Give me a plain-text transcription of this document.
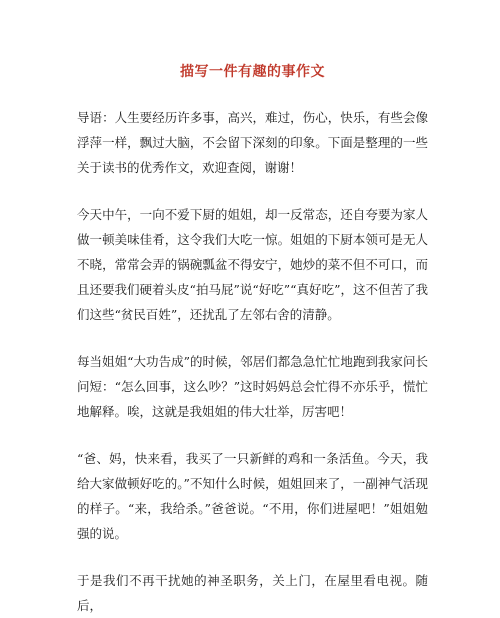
描写一件有趣的事作文

导语：人生要经历许多事，高兴，难过，伤心，快乐，有些会像浮萍一样，飘过大脑，不会留下深刻的印象。下面是整理的一些关于读书的优秀作文，欢迎查阅，谢谢！

今天中午，一向不爱下厨的姐姐，却一反常态，还自夸要为家人做一顿美味佳肴，这令我们大吃一惊。姐姐的下厨本领可是无人不晓，常常会弄的锅碗瓢盆不得安宁，她炒的菜不但不可口，而且还要我们硬着头皮“拍马屁”说“好吃”“真好吃”，这不但苦了我们这些“贫民百姓”，还扰乱了左邻右舍的清静。

每当姐姐“大功告成”的时候，邻居们都急急忙忙地跑到我家问长问短：“怎么回事，这么吵？”这时妈妈总会忙得不亦乐乎，慌忙地解释。唉，这就是我姐姐的伟大壮举，厉害吧！

“爸、妈，快来看，我买了一只新鲜的鸡和一条活鱼。今天，我给大家做顿好吃的。”不知什么时候，姐姐回来了，一副神气活现的样子。“来，我给杀。”爸爸说。“不用，你们进屋吧！”姐姐勉强的说。

于是我们不再干扰她的神圣职务，关上门，在屋里看电视。随后，
